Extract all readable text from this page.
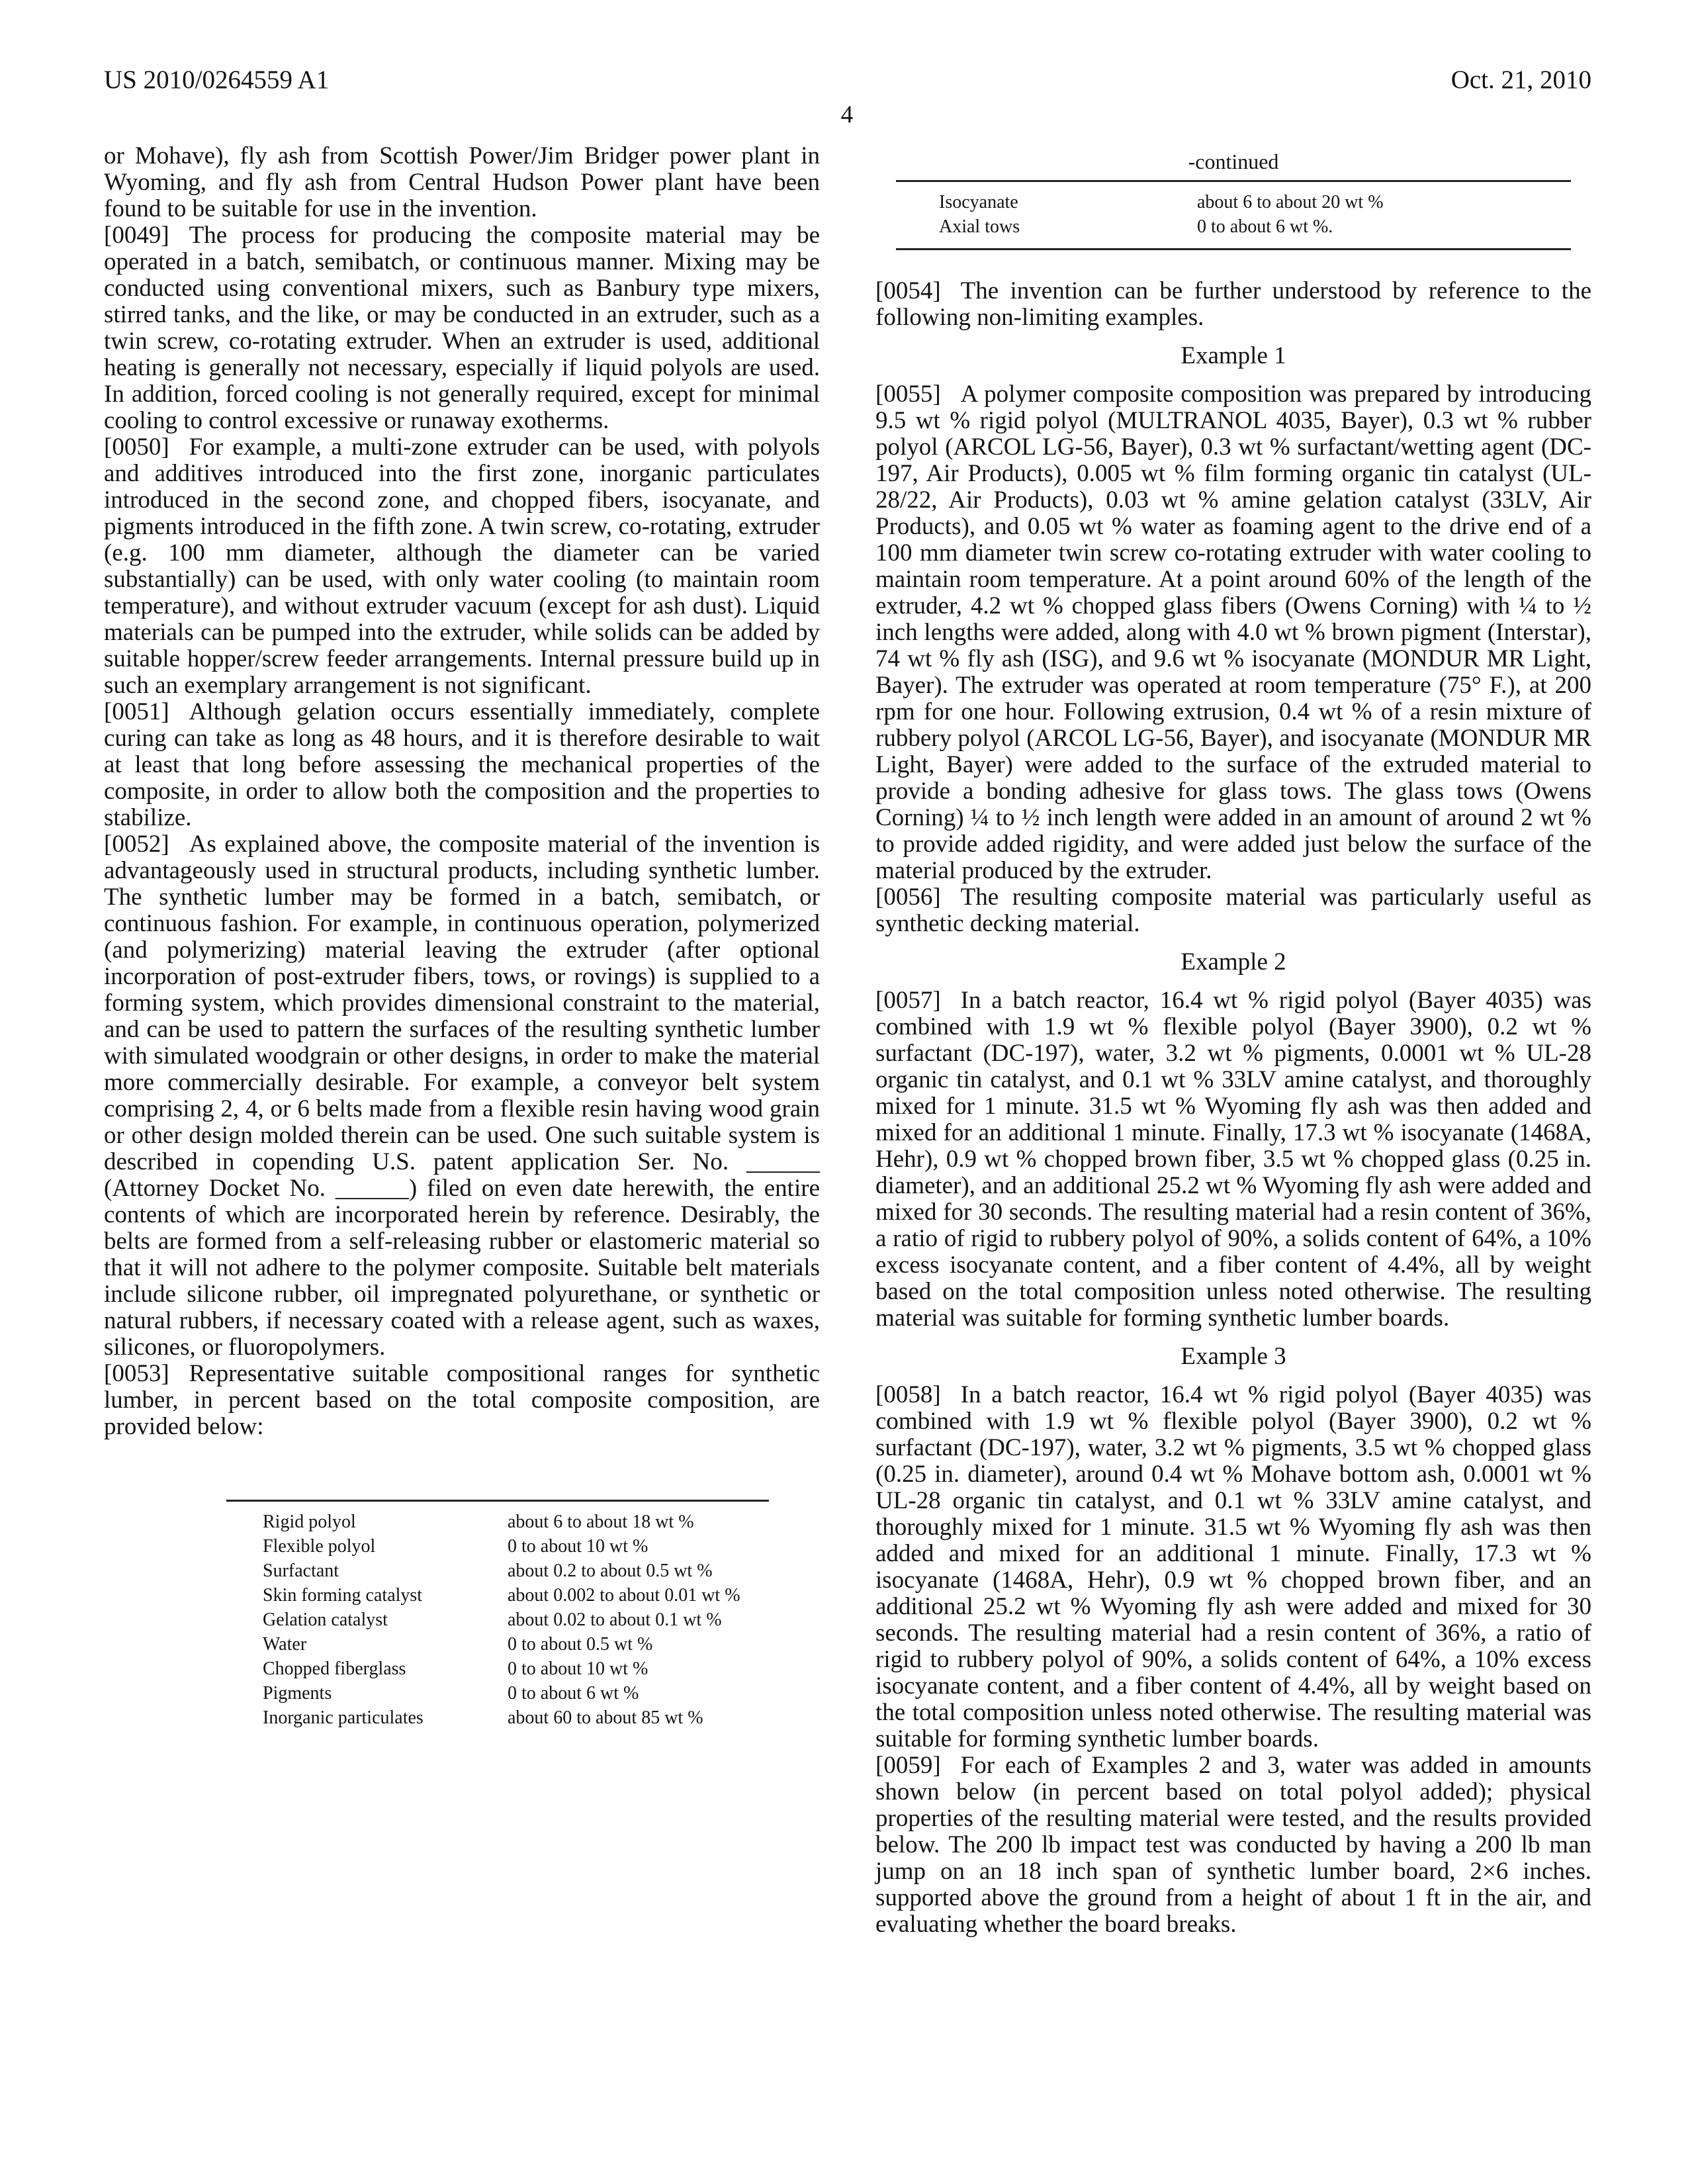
US 2010/0264559 A1	Oct. 21, 2010
4

or Mohave), fly ash from Scottish Power/Jim Bridger power plant in Wyoming, and fly ash from Central Hudson Power plant have been found to be suitable for use in the invention.

[0049] The process for producing the composite material may be operated in a batch, semibatch, or continuous manner. Mixing may be conducted using conventional mixers, such as Banbury type mixers, stirred tanks, and the like, or may be conducted in an extruder, such as a twin screw, co-rotating extruder. When an extruder is used, additional heating is generally not necessary, especially if liquid polyols are used. In addition, forced cooling is not generally required, except for minimal cooling to control excessive or runaway exotherms.

[0050] For example, a multi-zone extruder can be used, with polyols and additives introduced into the first zone, inorganic particulates introduced in the second zone, and chopped fibers, isocyanate, and pigments introduced in the fifth zone. A twin screw, co-rotating, extruder (e.g. 100 mm diameter, although the diameter can be varied substantially) can be used, with only water cooling (to maintain room temperature), and without extruder vacuum (except for ash dust). Liquid materials can be pumped into the extruder, while solids can be added by suitable hopper/screw feeder arrangements. Internal pressure build up in such an exemplary arrangement is not significant.

[0051] Although gelation occurs essentially immediately, complete curing can take as long as 48 hours, and it is therefore desirable to wait at least that long before assessing the mechanical properties of the composite, in order to allow both the composition and the properties to stabilize.

[0052] As explained above, the composite material of the invention is advantageously used in structural products, including synthetic lumber. The synthetic lumber may be formed in a batch, semibatch, or continuous fashion. For example, in continuous operation, polymerized (and polymerizing) material leaving the extruder (after optional incorporation of post-extruder fibers, tows, or rovings) is supplied to a forming system, which provides dimensional constraint to the material, and can be used to pattern the surfaces of the resulting synthetic lumber with simulated woodgrain or other designs, in order to make the material more commercially desirable. For example, a conveyor belt system comprising 2, 4, or 6 belts made from a flexible resin having wood grain or other design molded therein can be used. One such suitable system is described in copending U.S. patent application Ser. No. ______ (Attorney Docket No. ______) filed on even date herewith, the entire contents of which are incorporated herein by reference. Desirably, the belts are formed from a self-releasing rubber or elastomeric material so that it will not adhere to the polymer composite. Suitable belt materials include silicone rubber, oil impregnated polyurethane, or synthetic or natural rubbers, if necessary coated with a release agent, such as waxes, silicones, or fluoropolymers.

[0053] Representative suitable compositional ranges for synthetic lumber, in percent based on the total composite composition, are provided below:

Rigid polyol	about 6 to about 18 wt %
Flexible polyol	0 to about 10 wt %
Surfactant	about 0.2 to about 0.5 wt %
Skin forming catalyst	about 0.002 to about 0.01 wt %
Gelation catalyst	about 0.02 to about 0.1 wt %
Water	0 to about 0.5 wt %
Chopped fiberglass	0 to about 10 wt %
Pigments	0 to about 6 wt %
Inorganic particulates	about 60 to about 85 wt %
-continued
Isocyanate	about 6 to about 20 wt %
Axial tows	0 to about 6 wt %.

[0054] The invention can be further understood by reference to the following non-limiting examples.

Example 1

[0055] A polymer composite composition was prepared by introducing 9.5 wt % rigid polyol (MULTRANOL 4035, Bayer), 0.3 wt % rubber polyol (ARCOL LG-56, Bayer), 0.3 wt % surfactant/wetting agent (DC-197, Air Products), 0.005 wt % film forming organic tin catalyst (UL-28/22, Air Products), 0.03 wt % amine gelation catalyst (33LV, Air Products), and 0.05 wt % water as foaming agent to the drive end of a 100 mm diameter twin screw co-rotating extruder with water cooling to maintain room temperature. At a point around 60% of the length of the extruder, 4.2 wt % chopped glass fibers (Owens Corning) with ¼ to ½ inch lengths were added, along with 4.0 wt % brown pigment (Interstar), 74 wt % fly ash (ISG), and 9.6 wt % isocyanate (MONDUR MR Light, Bayer). The extruder was operated at room temperature (75° F.), at 200 rpm for one hour. Following extrusion, 0.4 wt % of a resin mixture of rubbery polyol (ARCOL LG-56, Bayer), and isocyanate (MONDUR MR Light, Bayer) were added to the surface of the extruded material to provide a bonding adhesive for glass tows. The glass tows (Owens Corning) ¼ to ½ inch length were added in an amount of around 2 wt % to provide added rigidity, and were added just below the surface of the material produced by the extruder.

[0056] The resulting composite material was particularly useful as synthetic decking material.

Example 2

[0057] In a batch reactor, 16.4 wt % rigid polyol (Bayer 4035) was combined with 1.9 wt % flexible polyol (Bayer 3900), 0.2 wt % surfactant (DC-197), water, 3.2 wt % pigments, 0.0001 wt % UL-28 organic tin catalyst, and 0.1 wt % 33LV amine catalyst, and thoroughly mixed for 1 minute. 31.5 wt % Wyoming fly ash was then added and mixed for an additional 1 minute. Finally, 17.3 wt % isocyanate (1468A, Hehr), 0.9 wt % chopped brown fiber, 3.5 wt % chopped glass (0.25 in. diameter), and an additional 25.2 wt % Wyoming fly ash were added and mixed for 30 seconds. The resulting material had a resin content of 36%, a ratio of rigid to rubbery polyol of 90%, a solids content of 64%, a 10% excess isocyanate content, and a fiber content of 4.4%, all by weight based on the total composition unless noted otherwise. The resulting material was suitable for forming synthetic lumber boards.

Example 3

[0058] In a batch reactor, 16.4 wt % rigid polyol (Bayer 4035) was combined with 1.9 wt % flexible polyol (Bayer 3900), 0.2 wt % surfactant (DC-197), water, 3.2 wt % pigments, 3.5 wt % chopped glass (0.25 in. diameter), around 0.4 wt % Mohave bottom ash, 0.0001 wt % UL-28 organic tin catalyst, and 0.1 wt % 33LV amine catalyst, and thoroughly mixed for 1 minute. 31.5 wt % Wyoming fly ash was then added and mixed for an additional 1 minute. Finally, 17.3 wt % isocyanate (1468A, Hehr), 0.9 wt % chopped brown fiber, and an additional 25.2 wt % Wyoming fly ash were added and mixed for 30 seconds. The resulting material had a resin content of 36%, a ratio of rigid to rubbery polyol of 90%, a solids content of 64%, a 10% excess isocyanate content, and a fiber content of 4.4%, all by weight based on the total composition unless noted otherwise. The resulting material was suitable for forming synthetic lumber boards.

[0059] For each of Examples 2 and 3, water was added in amounts shown below (in percent based on total polyol added); physical properties of the resulting material were tested, and the results provided below. The 200 lb impact test was conducted by having a 200 lb man jump on an 18 inch span of synthetic lumber board, 2×6 inches. supported above the ground from a height of about 1 ft in the air, and evaluating whether the board breaks.
